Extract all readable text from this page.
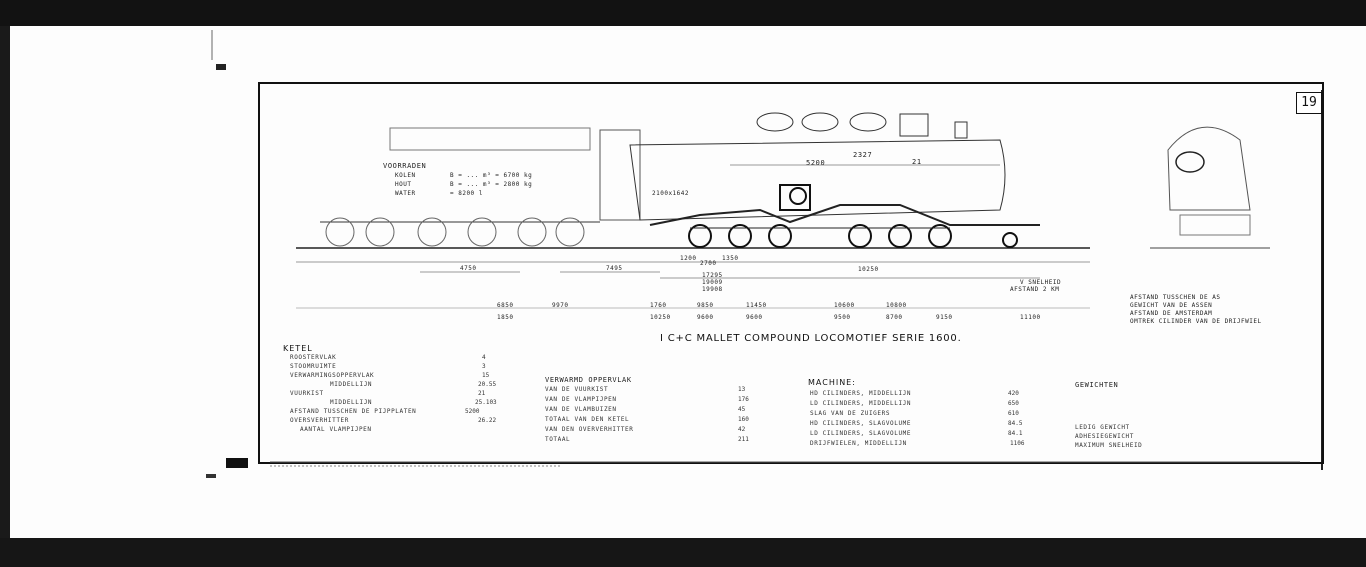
19
5200
2327
21
2100x1642
1200
2700
1350
4750	7495	10250
17295
19009
19908
6850	9970	1760	9850	11450	10600	10800
1850	10250	9600	9600	9500	8700	9150	11100
V SNELHEID
AFSTAND 2 KM
VOORRADEN
KOLEN	B = ... m³ = 6700 kg
HOUT	B = ... m³ = 2800 kg
WATER	= 8200 l
AFSTAND TUSSCHEN DE AS
GEWICHT VAN DE ASSEN
AFSTAND DE AMSTERDAM
OMTREK CILINDER VAN DE DRIJFWIEL
I C+C MALLET COMPOUND LOCOMOTIEF SERIE 1600.
KETEL
ROOSTERVLAK	4
STOOMRUIMTE	3
VERWARMINGSOPPERVLAK	15
MIDDELLIJN	20.55
VUURKIST	21
MIDDELLIJN	25.103
AFSTAND TUSSCHEN DE PIJPPLATEN	5200
OVERSVERHITTER	26.22
AANTAL VLAMPIJPEN
VERWARMD OPPERVLAK
VAN DE VUURKIST	13
VAN DE VLAMPIJPEN	176
VAN DE VLAMBUIZEN	45
TOTAAL VAN DEN KETEL	160
VAN DEN OVERVERHITTER	42
TOTAAL	211
MACHINE:
HD CILINDERS, MIDDELLIJN	420
LD CILINDERS, MIDDELLIJN	650
SLAG VAN DE ZUIGERS	610
HD CILINDERS, SLAGVOLUME	84.5
LD CILINDERS, SLAGVOLUME	84.1
DRIJFWIELEN, MIDDELLIJN	1106
GEWICHTEN
LEDIG GEWICHT
ADHESIEGEWICHT
MAXIMUM SNELHEID
